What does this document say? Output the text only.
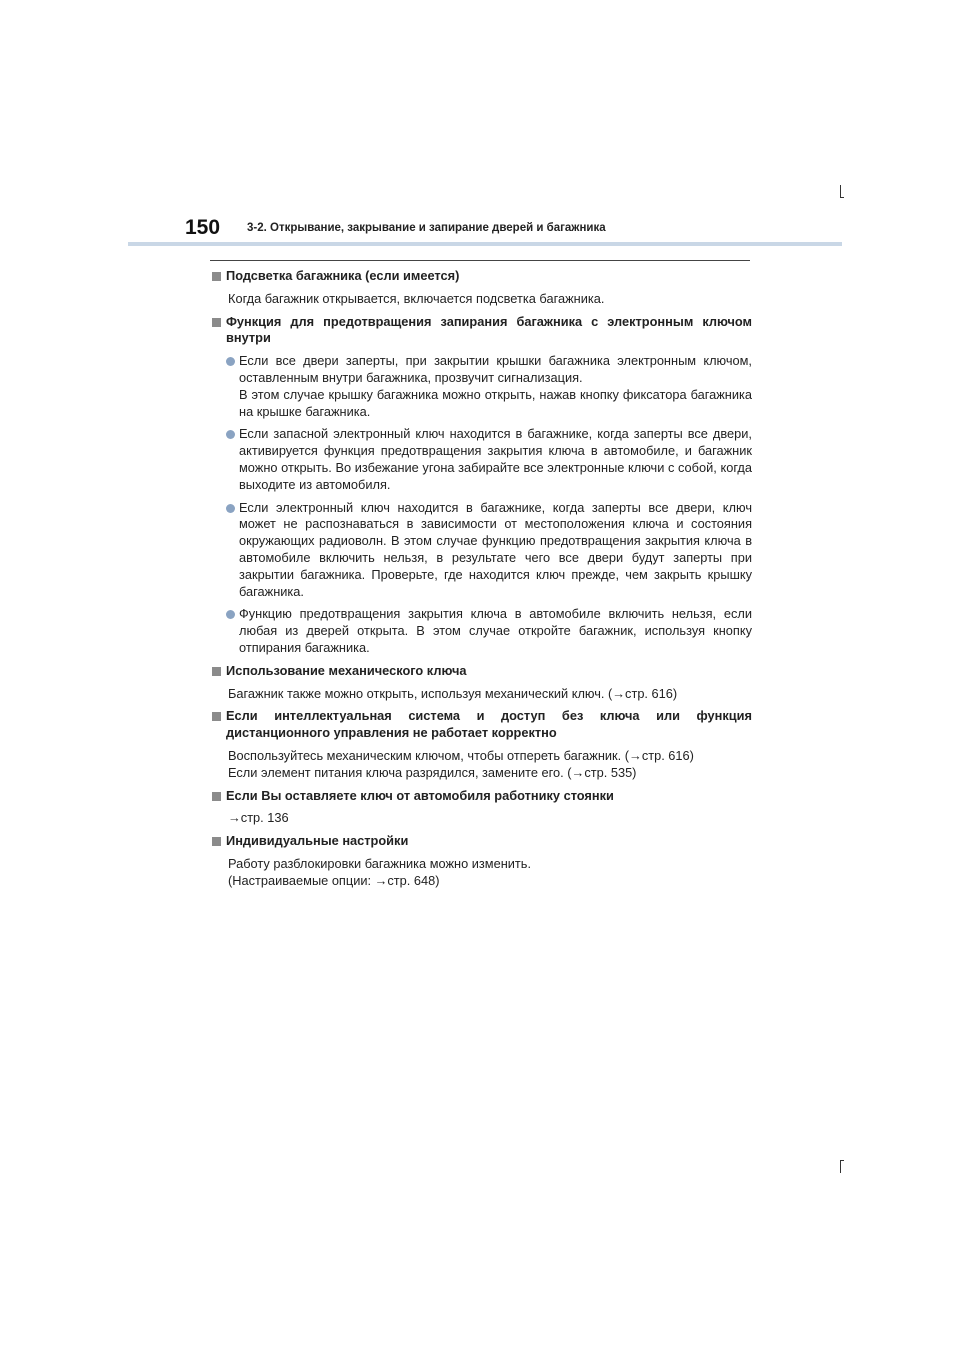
150 3-2. Открывание, закрывание и запирание дверей и багажника
Подсветка багажника (если имеется)
Когда багажник открывается, включается подсветка багажника.
Функция для предотвращения запирания багажника с электронным ключом внутри
Если все двери заперты, при закрытии крышки багажника электронным ключом, оставленным внутри багажника, прозвучит сигнализация.
В этом случае крышку багажника можно открыть, нажав кнопку фиксатора багажника на крышке багажника.
Если запасной электронный ключ находится в багажнике, когда заперты все двери, активируется функция предотвращения закрытия ключа в автомобиле, и багажник можно открыть. Во избежание угона забирайте все электронные ключи с собой, когда выходите из автомобиля.
Если электронный ключ находится в багажнике, когда заперты все двери, ключ может не распознаваться в зависимости от местоположения ключа и состояния окружающих радиоволн. В этом случае функцию предотвращения закрытия ключа в автомобиле включить нельзя, в результате чего все двери будут заперты при закрытии багажника. Проверьте, где находится ключ прежде, чем закрыть крышку багажника.
Функцию предотвращения закрытия ключа в автомобиле включить нельзя, если любая из дверей открыта. В этом случае откройте багажник, используя кнопку отпирания багажника.
Использование механического ключа
Багажник также можно открыть, используя механический ключ. (→стр. 616)
Если интеллектуальная система и доступ без ключа или функция дистанционного управления не работает корректно
Воспользуйтесь механическим ключом, чтобы отпереть багажник. (→стр. 616)
Если элемент питания ключа разрядился, замените его. (→стр. 535)
Если Вы оставляете ключ от автомобиля работнику стоянки
→стр. 136
Индивидуальные настройки
Работу разблокировки багажника можно изменить.
(Настраиваемые опции: →стр. 648)
